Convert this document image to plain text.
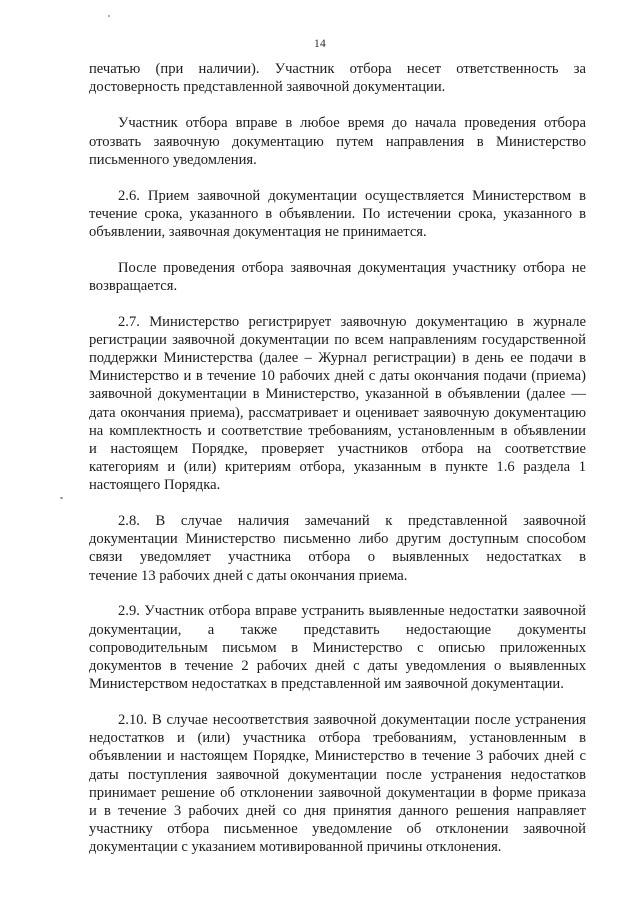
14

печатью (при наличии). Участник отбора несет ответственность за
достоверность представленной заявочной документации.

Участник отбора вправе в любое время до начала проведения отбора
отозвать заявочную документацию путем направления в Министерство
письменного уведомления.

2.6. Прием заявочной документации осуществляется Министерством в
течение срока, указанного в объявлении. По истечении срока, указанного в
объявлении, заявочная документация не принимается.

После проведения отбора заявочная документация участнику отбора не
возвращается.

2.7. Министерство регистрирует заявочную документацию в журнале
регистрации заявочной документации по всем направлениям государственной
поддержки Министерства (далее – Журнал регистрации) в день ее подачи в
Министерство и в течение 10 рабочих дней с даты окончания подачи (приема)
заявочной документации в Министерство, указанной в объявлении (далее —
дата окончания приема), рассматривает и оценивает заявочную документацию
на комплектность и соответствие требованиям, установленным в объявлении
и настоящем Порядке, проверяет участников отбора на соответствие
категориям и (или) критериям отбора, указанным в пункте 1.6 раздела 1
настоящего Порядка.

2.8. В случае наличия замечаний к представленной заявочной
документации Министерство письменно либо другим доступным способом
связи уведомляет участника отбора о выявленных недостатках в
течение 13 рабочих дней с даты окончания приема.

2.9. Участник отбора вправе устранить выявленные недостатки заявочной
документации, а также представить недостающие документы
сопроводительным письмом в Министерство с описью приложенных
документов в течение 2 рабочих дней с даты уведомления о выявленных
Министерством недостатках в представленной им заявочной документации.

2.10. В случае несоответствия заявочной документации после устранения
недостатков и (или) участника отбора требованиям, установленным в
объявлении и настоящем Порядке, Министерство в течение 3 рабочих дней с
даты поступления заявочной документации после устранения недостатков
принимает решение об отклонении заявочной документации в форме приказа
и в течение 3 рабочих дней со дня принятия данного решения направляет
участнику отбора письменное уведомление об отклонении заявочной
документации с указанием мотивированной причины отклонения.
